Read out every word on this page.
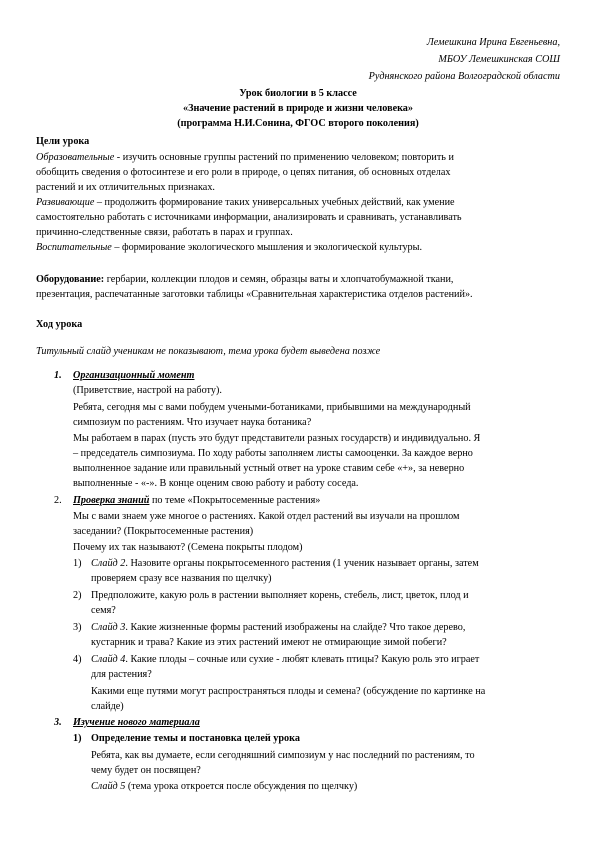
Лемешкина Ирина Евгеньевна,
МБОУ Лемешкинская СОШ
Руднянского района Волгоградской области
Урок биологии в 5 классе
«Значение растений в природе и жизни человека»
(программа Н.И.Сонина, ФГОС второго поколения)
Цели урока
Образовательные - изучить основные группы растений по применению человеком; повторить и
обобщить сведения о фотосинтезе и его роли в природе, о цепях питания, об основных отделах
растений и их отличительных признаках.
Развивающие – продолжить формирование таких универсальных учебных действий, как умение
самостоятельно работать с источниками информации, анализировать и сравнивать, устанавливать
причинно-следственные связи, работать в парах и группах.
Воспитательные – формирование экологического мышления и экологической культуры.
Оборудование: гербарии, коллекции плодов и семян, образцы ваты и хлопчатобумажной ткани,
презентация, распечатанные заготовки таблицы «Сравнительная характеристика отделов растений».
Ход урока
Титульный слайд ученикам не показывают, тема урока будет выведена позже
1. Организационный момент
(Приветствие, настрой на работу).
Ребята, сегодня мы с вами побудем учеными-ботаниками, прибывшими на международный
симпозиум по растениям. Что изучает наука ботаника?
Мы работаем в парах (пусть это будут представители разных государств) и индивидуально. Я
– председатель симпозиума. По ходу работы заполняем листы самооценки. За каждое верно
выполненное задание или правильный устный ответ на уроке ставим себе «+», за неверно
выполненные - «-». В конце оценим свою работу и работу соседа.
2. Проверка знаний по теме «Покрытосеменные растения»
Мы с вами знаем уже многое о растениях. Какой отдел растений вы изучали на прошлом
заседании? (Покрытосеменные растения)
Почему их так называют? (Семена покрыты плодом)
1) Слайд 2. Назовите органы покрытосеменного растения (1 ученик называет органы, затем
проверяем сразу все названия по щелчку)
2) Предположите, какую роль в растении выполняет корень, стебель, лист, цветок, плод и
семя?
3) Слайд 3. Какие жизненные формы растений изображены на слайде? Что такое дерево,
кустарник и трава? Какие из этих растений имеют не отмирающие зимой побеги?
4) Слайд 4. Какие плоды – сочные или сухие - любят клевать птицы? Какую роль это играет
для растения?
Какими еще путями могут распространяться плоды и семена? (обсуждение по картинке на
слайде)
3. Изучение нового материала
1) Определение темы и постановка целей урока
Ребята, как вы думаете, если сегодняшний симпозиум у нас последний по растениям, то
чему будет он посвящен?
Слайд 5 (тема урока откроется после обсуждения по щелчку)
